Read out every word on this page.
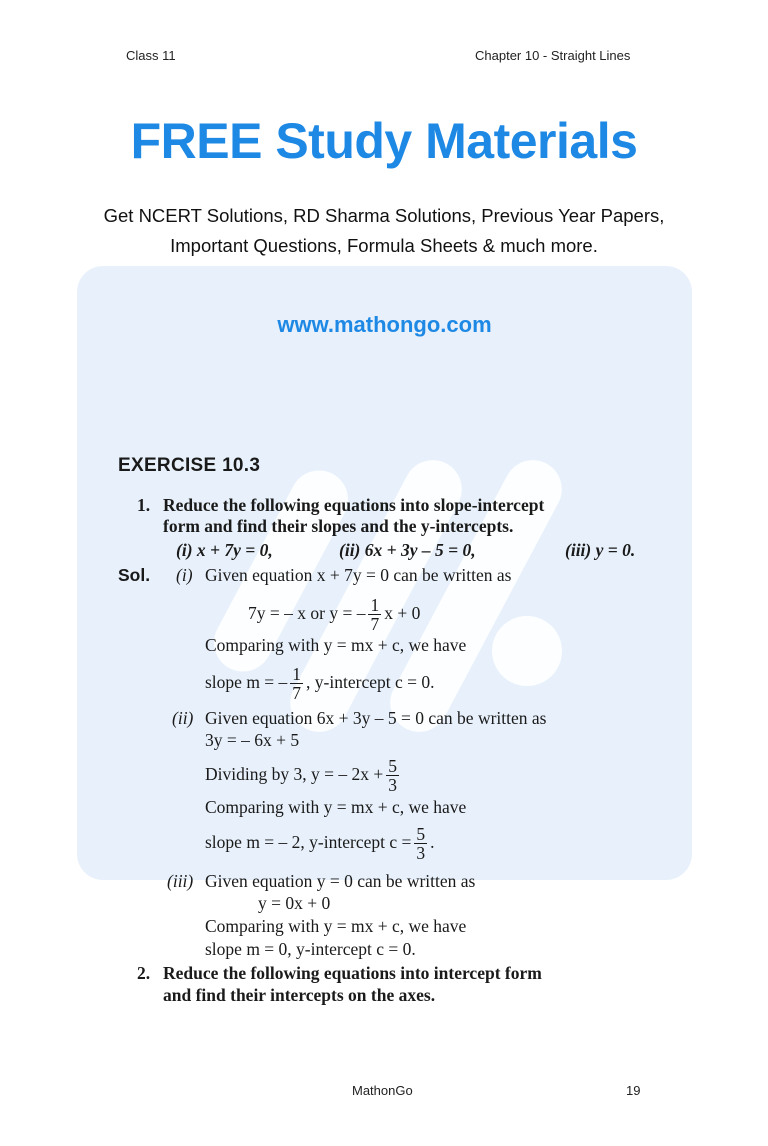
Class 11	Chapter 10 - Straight Lines
FREE Study Materials
Get NCERT Solutions, RD Sharma Solutions, Previous Year Papers,
Important Questions, Formula Sheets & much more.
www.mathongo.com
EXERCISE 10.3
1. Reduce the following equations into slope-intercept
form and find their slopes and the y-intercepts.
(i) x + 7y = 0,	(ii) 6x + 3y – 5 = 0,	(iii) y = 0.
Sol. (i) Given equation x + 7y = 0 can be written as
7y = – x or y = – $\frac{1}{7}$ x + 0
Comparing with y = mx + c, we have
slope m = – $\frac{1}{7}$ , y-intercept c = 0.
(ii) Given equation 6x + 3y – 5 = 0 can be written as
3y = – 6x + 5
Dividing by 3, y = – $2x + \frac{5}{3}$
Comparing with y = mx + c, we have
slope m = – 2, y-intercept $c = \frac{5}{3}$ .
(iii) Given equation y = 0 can be written as
y = 0x + 0
Comparing with y = mx + c, we have
slope m = 0, y-intercept c = 0.
2. Reduce the following equations into intercept form
and find their intercepts on the axes.
MathonGo	19
